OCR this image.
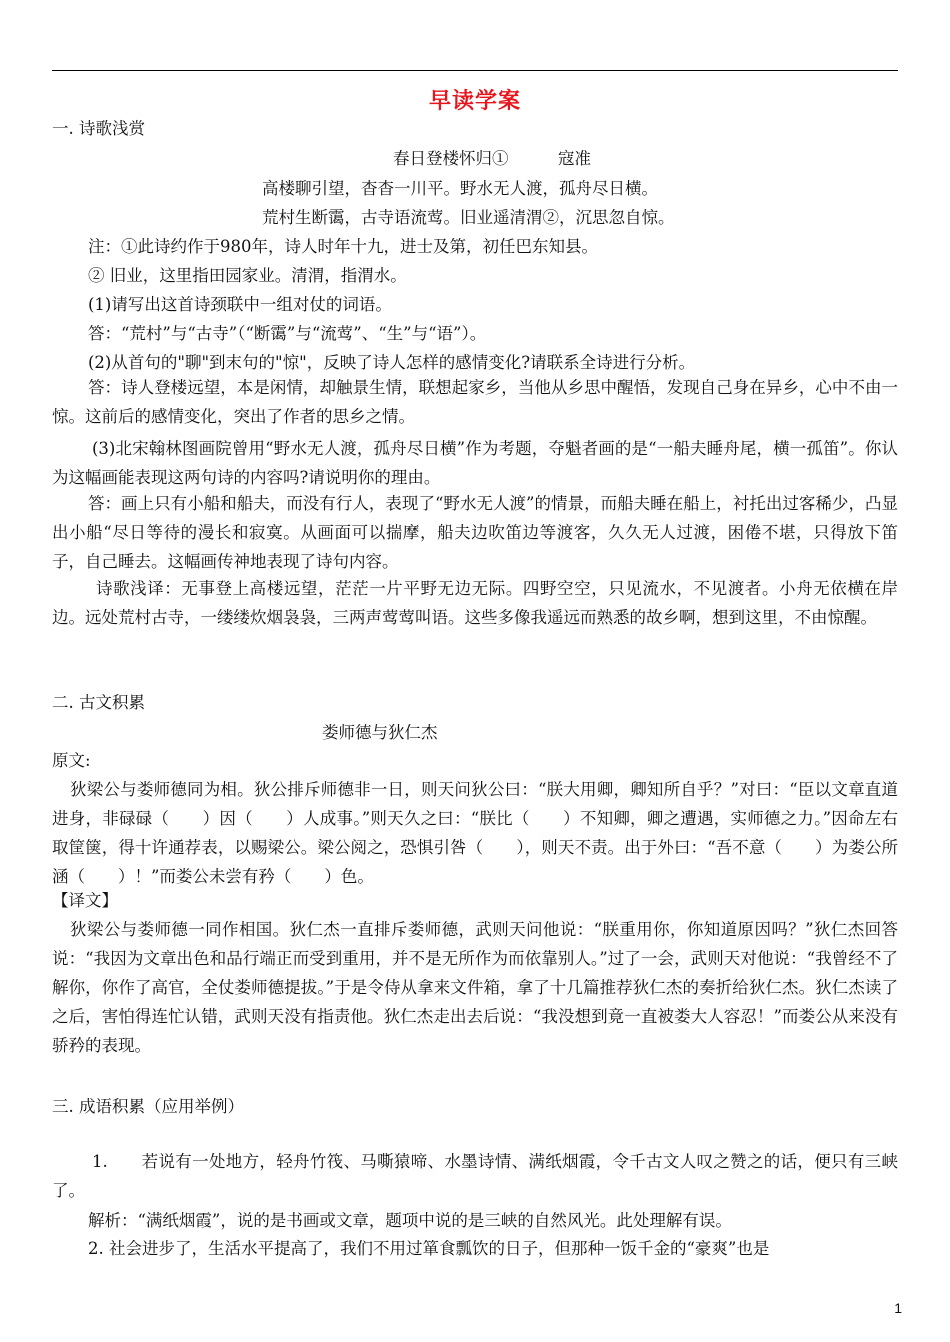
早读学案
一. 诗歌浅赏
春日登楼怀归①	寇准
高楼聊引望，杳杳一川平。野水无人渡，孤舟尽日横。
荒村生断霭，古寺语流莺。旧业遥清渭②，沉思忽自惊。
注：①此诗约作于980年，诗人时年十九，进士及第，初任巴东知县。
② 旧业，这里指田园家业。清渭，指渭水。
(1)请写出这首诗颈联中一组对仗的词语。
答：“荒村”与“古寺”（“断霭”与“流莺”、“生”与“语”）。
(2)从首句的"聊"到末句的"惊"，反映了诗人怎样的感情变化?请联系全诗进行分析。
答：诗人登楼远望，本是闲情，却触景生情，联想起家乡，当他从乡思中醒悟，发现自己身在异乡，心中不由一惊。这前后的感情变化，突出了作者的思乡之情。
(3)北宋翰林图画院曾用“野水无人渡，孤舟尽日横”作为考题，夺魁者画的是“一船夫睡舟尾，横一孤笛”。你认为这幅画能表现这两句诗的内容吗?请说明你的理由。
答：画上只有小船和船夫，而没有行人，表现了“野水无人渡”的情景，而船夫睡在船上，衬托出过客稀少，凸显出小船“尽日等待的漫长和寂寞。从画面可以揣摩，船夫边吹笛边等渡客，久久无人过渡，困倦不堪，只得放下笛子，自己睡去。这幅画传神地表现了诗句内容。
诗歌浅译：无事登上高楼远望，茫茫一片平野无边无际。四野空空，只见流水，不见渡者。小舟无依横在岸边。远处荒村古寺，一缕缕炊烟袅袅，三两声莺莺叫语。这些多像我遥远而熟悉的故乡啊，想到这里，不由惊醒。
二. 古文积累
娄师德与狄仁杰
原文:
狄梁公与娄师德同为相。狄公排斥师德非一日，则天问狄公曰：“朕大用卿，卿知所自乎？”对曰：“臣以文章直道进身，非碌碌（　　）因（　　）人成事。”则天久之曰：“朕比（　　）不知卿，卿之遭遇，实师德之力。”因命左右取筐箧，得十许通荐表，以赐梁公。梁公阅之，恐惧引咎（　　），则天不责。出于外曰：“吾不意（　　）为娄公所涵（　　）！”而娄公未尝有矜（　　）色。
【译文】
狄梁公与娄师德一同作相国。狄仁杰一直排斥娄师德，武则天问他说：“朕重用你，你知道原因吗？”狄仁杰回答说：“我因为文章出色和品行端正而受到重用，并不是无所作为而依靠别人。”过了一会，武则天对他说：“我曾经不了解你，你作了高官，全仗娄师德提拔。”于是令侍从拿来文件箱，拿了十几篇推荐狄仁杰的奏折给狄仁杰。狄仁杰读了之后，害怕得连忙认错，武则天没有指责他。狄仁杰走出去后说：“我没想到竟一直被娄大人容忍！”而娄公从来没有骄矜的表现。
三. 成语积累（应用举例）
1.　　若说有一处地方，轻舟竹筏、马嘶猿啼、水墨诗情、满纸烟霞，令千古文人叹之赞之的话，便只有三峡了。
解析：“满纸烟霞”，说的是书画或文章，题项中说的是三峡的自然风光。此处理解有误。
2. 社会进步了，生活水平提高了，我们不用过箪食瓢饮的日子，但那种一饭千金的“豪爽”也是
1
